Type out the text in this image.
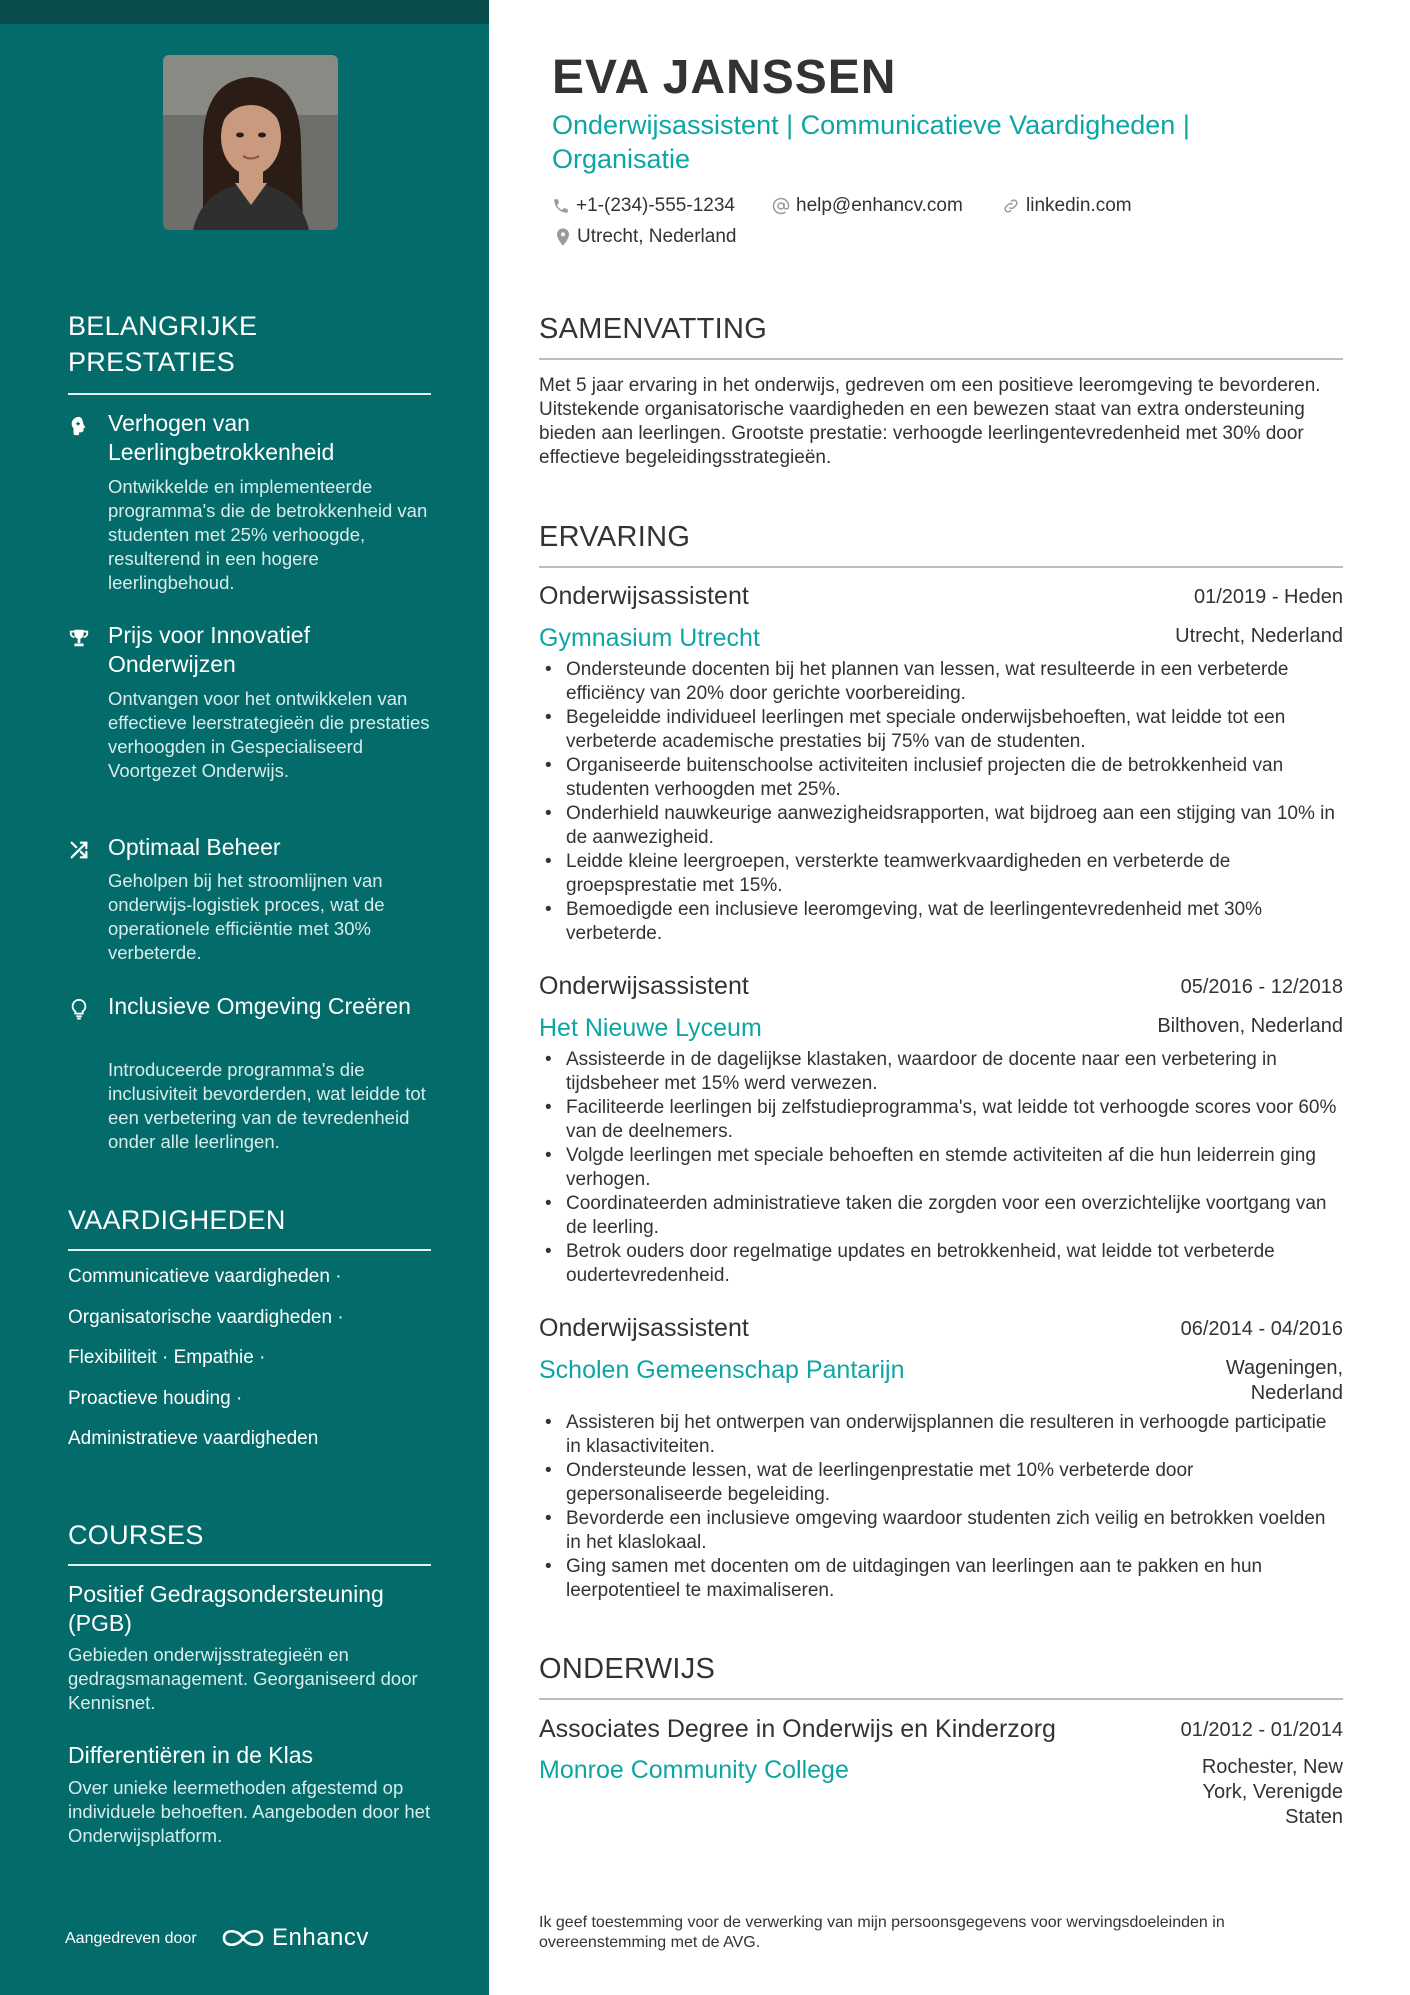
BELANGRIJKE PRESTATIES
Verhogen van Leerlingbetrokkenheid
Ontwikkelde en implementeerde programma's die de betrokkenheid van studenten met 25% verhoogde, resulterend in een hogere leerlingbehoud.
Prijs voor Innovatief Onderwijzen
Ontvangen voor het ontwikkelen van effectieve leerstrategieën die prestaties verhoogden in Gespecialiseerd Voortgezet Onderwijs.
Optimaal Beheer
Geholpen bij het stroomlijnen van onderwijs-logistiek proces, wat de operationele efficiëntie met 30% verbeterde.
Inclusieve Omgeving Creëren
Introduceerde programma's die inclusiviteit bevorderden, wat leidde tot een verbetering van de tevredenheid onder alle leerlingen.
VAARDIGHEDEN
Communicatieve vaardigheden ·
Organisatorische vaardigheden ·
Flexibiliteit · Empathie ·
Proactieve houding ·
Administratieve vaardigheden
COURSES
Positief Gedragsondersteuning (PGB)
Gebieden onderwijsstrategieën en gedragsmanagement. Georganiseerd door Kennisnet.
Differentiëren in de Klas
Over unieke leermethoden afgestemd op individuele behoeften. Aangeboden door het Onderwijsplatform.
Aangedreven door	Enhancv
EVA JANSSEN
Onderwijsassistent | Communicatieve Vaardigheden | Organisatie
+1-(234)-555-1234	help@enhancv.com	linkedin.com
Utrecht, Nederland
SAMENVATTING
Met 5 jaar ervaring in het onderwijs, gedreven om een positieve leeromgeving te bevorderen. Uitstekende organisatorische vaardigheden en een bewezen staat van extra ondersteuning bieden aan leerlingen. Grootste prestatie: verhoogde leerlingentevredenheid met 30% door effectieve begeleidingsstrategieën.
ERVARING
Onderwijsassistent	01/2019 - Heden
Gymnasium Utrecht	Utrecht, Nederland
• Ondersteunde docenten bij het plannen van lessen, wat resulteerde in een verbeterde efficiëncy van 20% door gerichte voorbereiding.
• Begeleidde individueel leerlingen met speciale onderwijsbehoeften, wat leidde tot een verbeterde academische prestaties bij 75% van de studenten.
• Organiseerde buitenschoolse activiteiten inclusief projecten die de betrokkenheid van studenten verhoogden met 25%.
• Onderhield nauwkeurige aanwezigheidsrapporten, wat bijdroeg aan een stijging van 10% in de aanwezigheid.
• Leidde kleine leergroepen, versterkte teamwerkvaardigheden en verbeterde de groepsprestatie met 15%.
• Bemoedigde een inclusieve leeromgeving, wat de leerlingentevredenheid met 30% verbeterde.
Onderwijsassistent	05/2016 - 12/2018
Het Nieuwe Lyceum	Bilthoven, Nederland
• Assisteerde in de dagelijkse klastaken, waardoor de docente naar een verbetering in tijdsbeheer met 15% werd verwezen.
• Faciliteerde leerlingen bij zelfstudieprogramma's, wat leidde tot verhoogde scores voor 60% van de deelnemers.
• Volgde leerlingen met speciale behoeften en stemde activiteiten af die hun leiderrein ging verhogen.
• Coordinateerden administratieve taken die zorgden voor een overzichtelijke voortgang van de leerling.
• Betrok ouders door regelmatige updates en betrokkenheid, wat leidde tot verbeterde oudertevredenheid.
Onderwijsassistent	06/2014 - 04/2016
Scholen Gemeenschap Pantarijn	Wageningen, Nederland
• Assisteren bij het ontwerpen van onderwijsplannen die resulteren in verhoogde participatie in klasactiviteiten.
• Ondersteunde lessen, wat de leerlingenprestatie met 10% verbeterde door gepersonaliseerde begeleiding.
• Bevorderde een inclusieve omgeving waardoor studenten zich veilig en betrokken voelden in het klaslokaal.
• Ging samen met docenten om de uitdagingen van leerlingen aan te pakken en hun leerpotentieel te maximaliseren.
ONDERWIJS
Associates Degree in Onderwijs en Kinderzorg	01/2012 - 01/2014
Monroe Community College	Rochester, New York, Verenigde Staten
Ik geef toestemming voor de verwerking van mijn persoonsgegevens voor wervingsdoeleinden in overeenstemming met de AVG.
